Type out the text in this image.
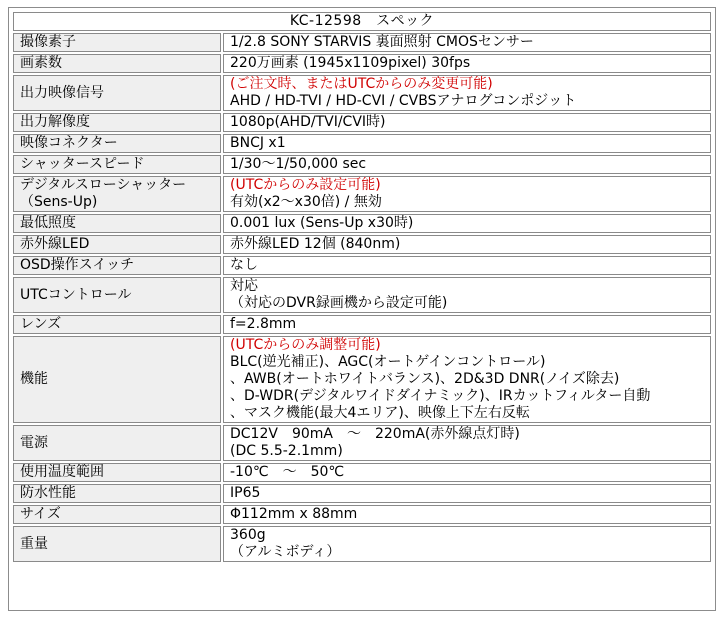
KC-12598　スペック	

撮像素子	1/2.8 SONY STARVIS 裏面照射 CMOSセンサー

画素数	220万画素 (1945x1109pixel) 30fps

出力映像信号	(ご注文時、またはUTCからのみ変更可能)
AHD / HD-TVI / HD-CVI / CVBSアナログコンポジット

出力解像度	1080p(AHD/TVI/CVI時)

映像コネクター	BNCJ x1

シャッタースピード	1/30〜1/50,000 sec

デジタルスローシャッター
（Sens-Up)	(UTCからのみ設定可能)
有効(x2〜x30倍) / 無効

最低照度	0.001 lux (Sens-Up x30時)

赤外線LED	赤外線LED 12個 (840nm)

OSD操作スイッチ	なし

UTCコントロール	対応
（対応のDVR録画機から設定可能)

レンズ	f=2.8mm

機能	(UTCからのみ調整可能)
BLC(逆光補正)、AGC(オートゲインコントロール)
、AWB(オートホワイトバランス)、2D&3D DNR(ノイズ除去)
、D-WDR(デジタルワイドダイナミック)、IRカットフィルター自動
、マスク機能(最大4エリア)、映像上下左右反転

電源	DC12V　90mA　〜　220mA(赤外線点灯時)
(DC 5.5-2.1mm)

使用温度範囲	-10℃　〜　50℃

防水性能	IP65

サイズ	Φ112mm x 88mm

重量	360g
（アルミボディ）
